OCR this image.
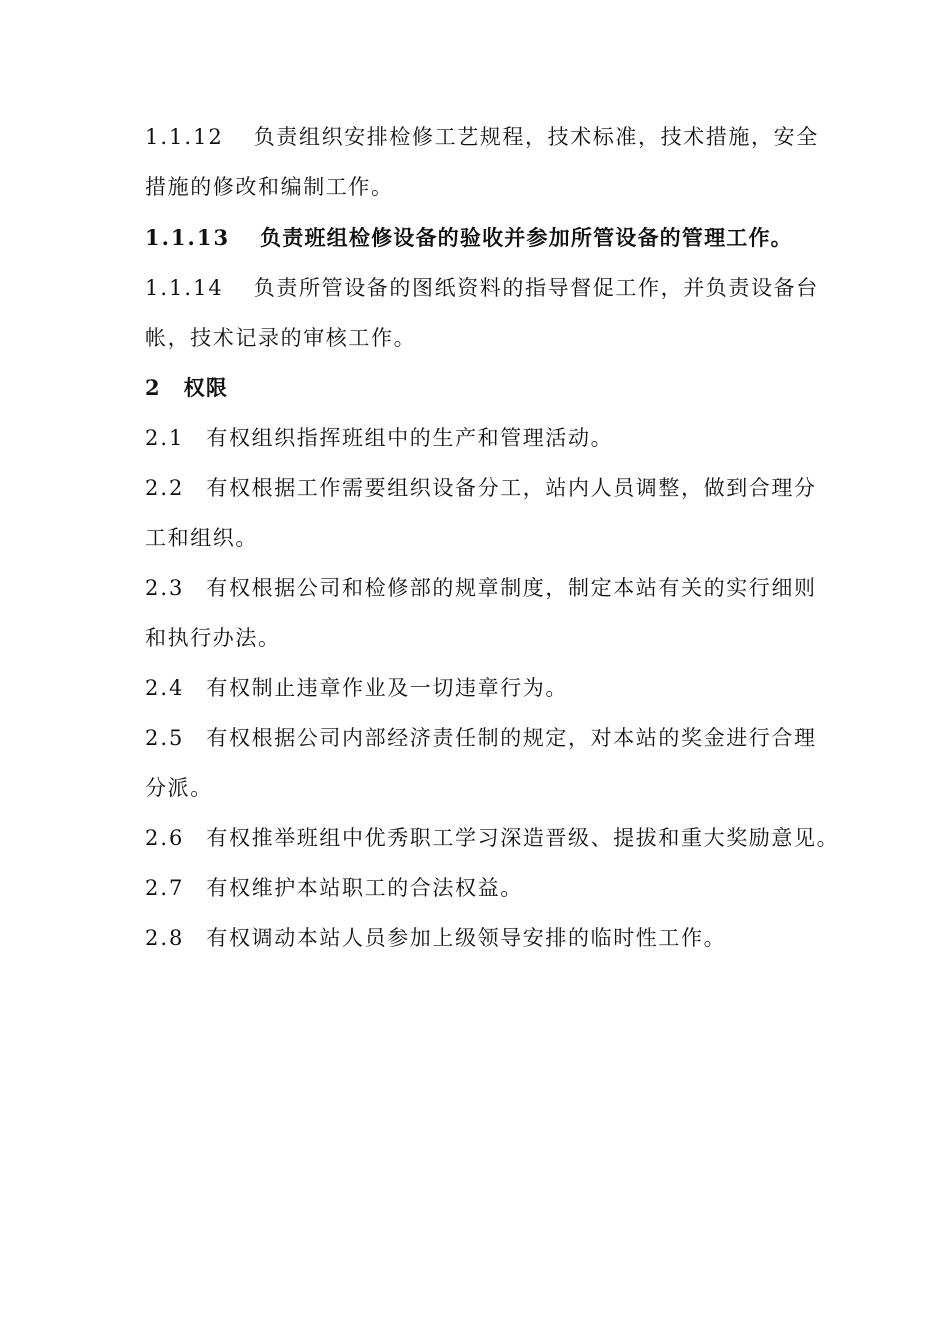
1.1.12 负责组织安排检修工艺规程，技术标准，技术措施，安全
措施的修改和编制工作。
1.1.13 负责班组检修设备的验收并参加所管设备的管理工作。
1.1.14 负责所管设备的图纸资料的指导督促工作，并负责设备台
帐，技术记录的审核工作。
2 权限
2.1 有权组织指挥班组中的生产和管理活动。
2.2 有权根据工作需要组织设备分工，站内人员调整，做到合理分
工和组织。
2.3 有权根据公司和检修部的规章制度，制定本站有关的实行细则
和执行办法。
2.4 有权制止违章作业及一切违章行为。
2.5 有权根据公司内部经济责任制的规定，对本站的奖金进行合理
分派。
2.6 有权推举班组中优秀职工学习深造晋级、提拔和重大奖励意见。
2.7 有权维护本站职工的合法权益。
2.8 有权调动本站人员参加上级领导安排的临时性工作。
